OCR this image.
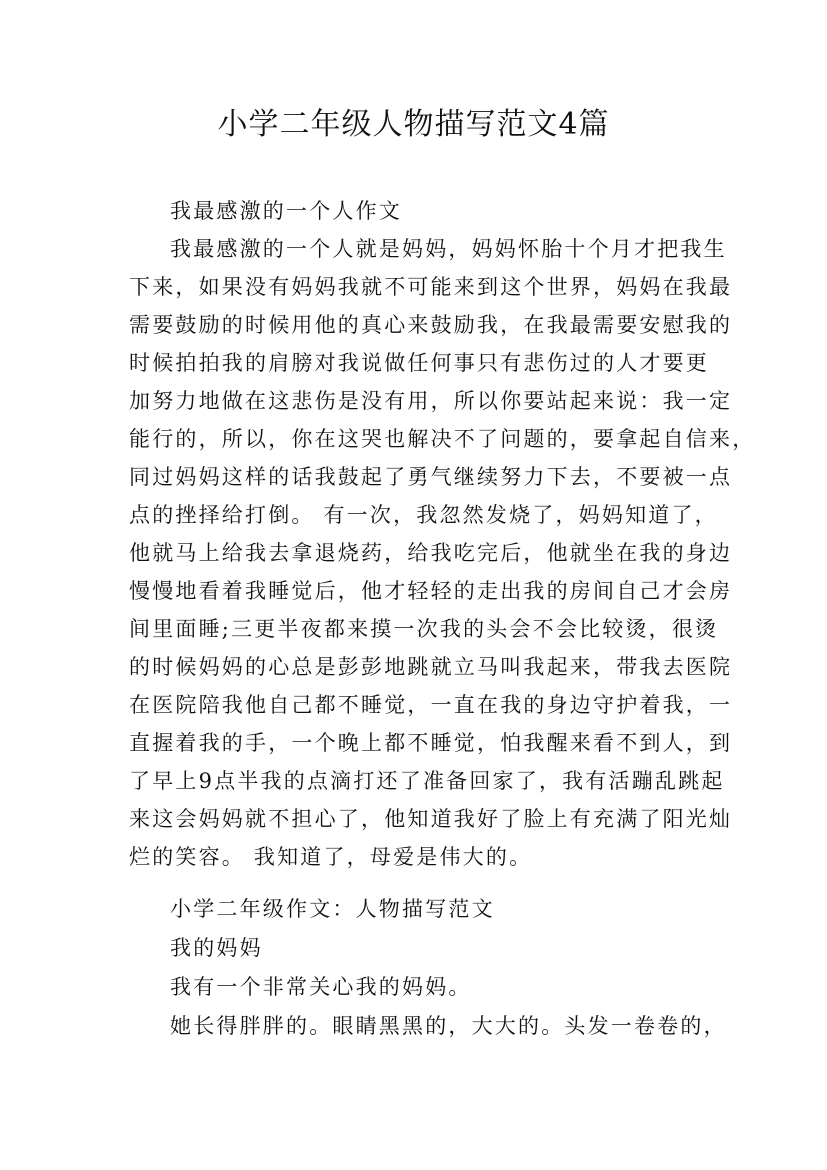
小学二年级人物描写范文4篇

我最感激的一个人作文

我最感激的一个人就是妈妈，妈妈怀胎十个月才把我生

下来，如果没有妈妈我就不可能来到这个世界，妈妈在我最

需要鼓励的时候用他的真心来鼓励我，在我最需要安慰我的

时候拍拍我的肩膀对我说做任何事只有悲伤过的人才要更

加努力地做在这悲伤是没有用，所以你要站起来说：我一定

能行的，所以，你在这哭也解决不了问题的，要拿起自信来，

同过妈妈这样的话我鼓起了勇气继续努力下去，不要被一点

点的挫择给打倒。 有一次，我忽然发烧了，妈妈知道了，

他就马上给我去拿退烧药，给我吃完后，他就坐在我的身边

慢慢地看着我睡觉后，他才轻轻的走出我的房间自己才会房

间里面睡;三更半夜都来摸一次我的头会不会比较烫，很烫

的时候妈妈的心总是彭彭地跳就立马叫我起来，带我去医院

在医院陪我他自己都不睡觉，一直在我的身边守护着我，一

直握着我的手，一个晚上都不睡觉，怕我醒来看不到人，到

了早上9点半我的点滴打还了准备回家了，我有活蹦乱跳起

来这会妈妈就不担心了，他知道我好了脸上有充满了阳光灿

烂的笑容。 我知道了，母爱是伟大的。

小学二年级作文：人物描写范文

我的妈妈

我有一个非常关心我的妈妈。

她长得胖胖的。眼睛黑黑的，大大的。头发一卷卷的，
